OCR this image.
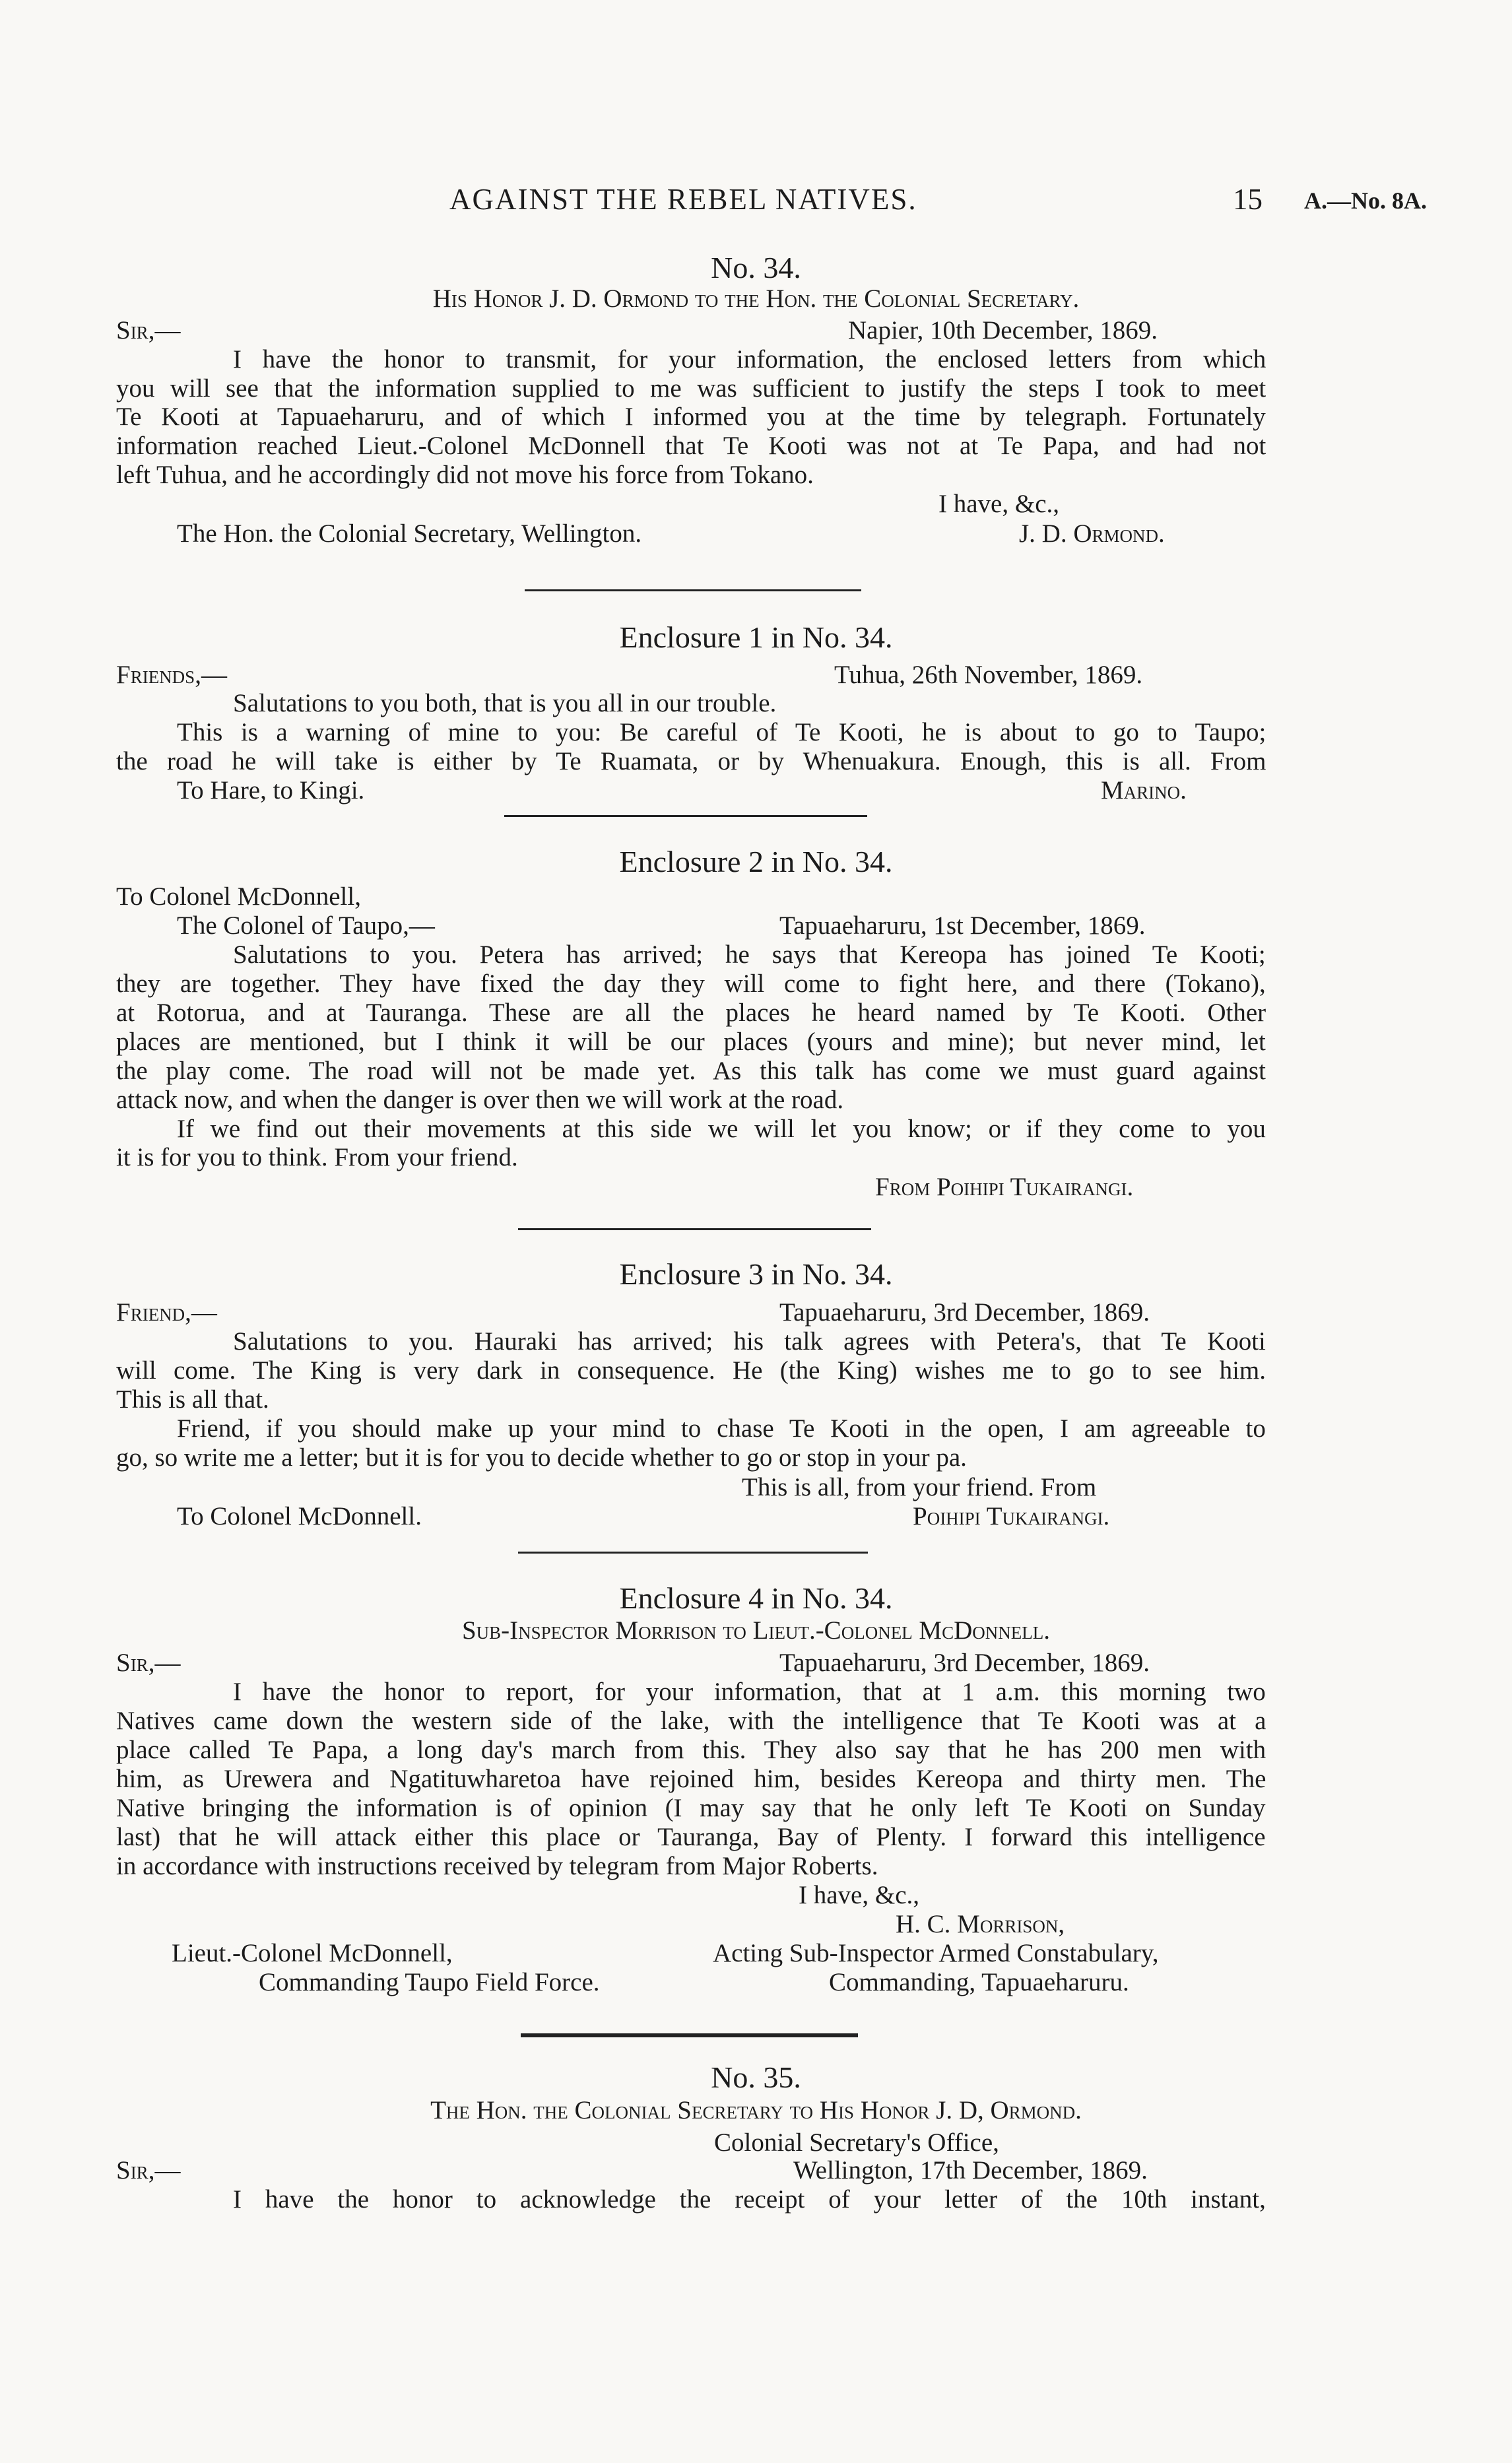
AGAINST THE REBEL NATIVES.	15 A.—No. 8A.
No. 34.
His Honor J. D. Ormond to the Hon. the Colonial Secretary.
Sir,—	Napier, 10th December, 1869.
I have the honor to transmit, for your information, the enclosed letters from which
you will see that the information supplied to me was sufficient to justify the steps I took to meet
Te Kooti at Tapuaeharuru, and of which I informed you at the time by telegraph. Fortunately
information reached Lieut.-Colonel McDonnell that Te Kooti was not at Te Papa, and had not
left Tuhua, and he accordingly did not move his force from Tokano.
I have, &c.,
The Hon. the Colonial Secretary, Wellington.	J. D. Ormond.
Enclosure 1 in No. 34.
Friends,—	Tuhua, 26th November, 1869.
Salutations to you both, that is you all in our trouble.
This is a warning of mine to you: Be careful of Te Kooti, he is about to go to Taupo;
the road he will take is either by Te Ruamata, or by Whenuakura. Enough, this is all. From
To Hare, to Kingi.	Marino.
Enclosure 2 in No. 34.
To Colonel McDonnell,
The Colonel of Taupo,—	Tapuaeharuru, 1st December, 1869.
Salutations to you. Petera has arrived; he says that Kereopa has joined Te Kooti;
they are together. They have fixed the day they will come to fight here, and there (Tokano),
at Rotorua, and at Tauranga. These are all the places he heard named by Te Kooti. Other
places are mentioned, but I think it will be our places (yours and mine); but never mind, let
the play come. The road will not be made yet. As this talk has come we must guard against
attack now, and when the danger is over then we will work at the road.
If we find out their movements at this side we will let you know; or if they come to you
it is for you to think. From your friend.
From Poihipi Tukairangi.
Enclosure 3 in No. 34.
Friend,—	Tapuaeharuru, 3rd December, 1869.
Salutations to you. Hauraki has arrived; his talk agrees with Petera's, that Te Kooti
will come. The King is very dark in consequence. He (the King) wishes me to go to see him.
This is all that.
Friend, if you should make up your mind to chase Te Kooti in the open, I am agreeable to
go, so write me a letter; but it is for you to decide whether to go or stop in your pa.
This is all, from your friend. From
To Colonel McDonnell.	Poihipi Tukairangi.
Enclosure 4 in No. 34.
Sub-Inspector Morrison to Lieut.-Colonel McDonnell.
Sir,—	Tapuaeharuru, 3rd December, 1869.
I have the honor to report, for your information, that at 1 a.m. this morning two
Natives came down the western side of the lake, with the intelligence that Te Kooti was at a
place called Te Papa, a long day's march from this. They also say that he has 200 men with
him, as Urewera and Ngatituwharetoa have rejoined him, besides Kereopa and thirty men. The
Native bringing the information is of opinion (I may say that he only left Te Kooti on Sunday
last) that he will attack either this place or Tauranga, Bay of Plenty. I forward this intelligence
in accordance with instructions received by telegram from Major Roberts.
I have, &c.,
H. C. Morrison,
Lieut.-Colonel McDonnell,	Acting Sub-Inspector Armed Constabulary,
Commanding Taupo Field Force.	Commanding, Tapuaeharuru.
No. 35.
The Hon. the Colonial Secretary to His Honor J. D, Ormond.
Colonial Secretary's Office,
Sir,—	Wellington, 17th December, 1869.
I have the honor to acknowledge the receipt of your letter of the 10th instant,
